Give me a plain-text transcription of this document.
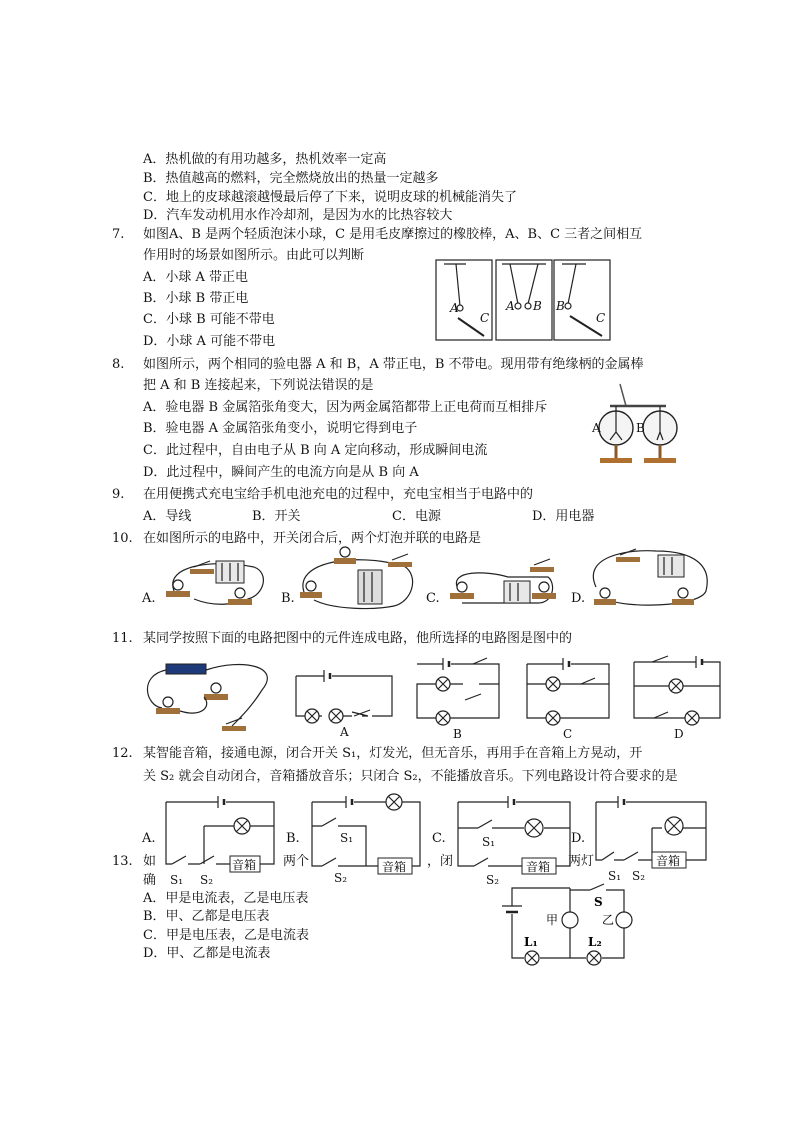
A．热机做的有用功越多，热机效率一定高
B．热值越高的燃料，完全燃烧放出的热量一定越多
C．地上的皮球越滚越慢最后停了下来，说明皮球的机械能消失了
D．汽车发动机用水作冷却剂，是因为水的比热容较大
7. 如图A、B 是两个轻质泡沫小球，C 是用毛皮摩擦过的橡胶棒，A、B、C 三者之间相互
作用时的场景如图所示。由此可以判断
A．小球 A 带正电
B．小球 B 带正电
C．小球 B 可能不带电
D．小球 A 可能不带电
A
C
A B B
C
8. 如图所示，两个相同的验电器 A 和 B，A 带正电，B 不带电。现用带有绝缘柄的金属棒
把 A 和 B 连接起来，下列说法错误的是
A．验电器 B 金属箔张角变大，因为两金属箔都带上正电荷而互相排斥
B．验电器 A 金属箔张角变小，说明它得到电子
C．此过程中，自由电子从 B 向 A 定向移动，形成瞬间电流
D．此过程中，瞬间产生的电流方向是从 B 向 A
A	B
9. 在用便携式充电宝给手机电池充电的过程中，充电宝相当于电路中的
A．导线	B．开关	C．电源	D．用电器
10. 在如图所示的电路中，开关闭合后，两个灯泡并联的电路是
A.	B.	C.	D.
11. 某同学按照下面的电路把图中的元件连成电路，他所选择的电路图是图中的
A	B	C	D
12. 某智能音箱，接通电源，闭合开关 S₁，灯发光，但无音乐，再用手在音箱上方晃动，开
关 S₂ 就会自动闭合，音箱播放音乐；只闭合 S₂，不能播放音乐。下列电路设计符合要求的是
A.
音箱
S₁ S₂
B.
音箱
S₁
S₂
C.
音箱
S₁
S₂
D.
音箱
S₁ S₂
13. 如	两个	，闭	两灯
确
A．甲是电流表，乙是电压表
B．甲、乙都是电压表
C．甲是电压表，乙是电流表
D．甲、乙都是电流表
S
甲	乙
L₁	L₂
